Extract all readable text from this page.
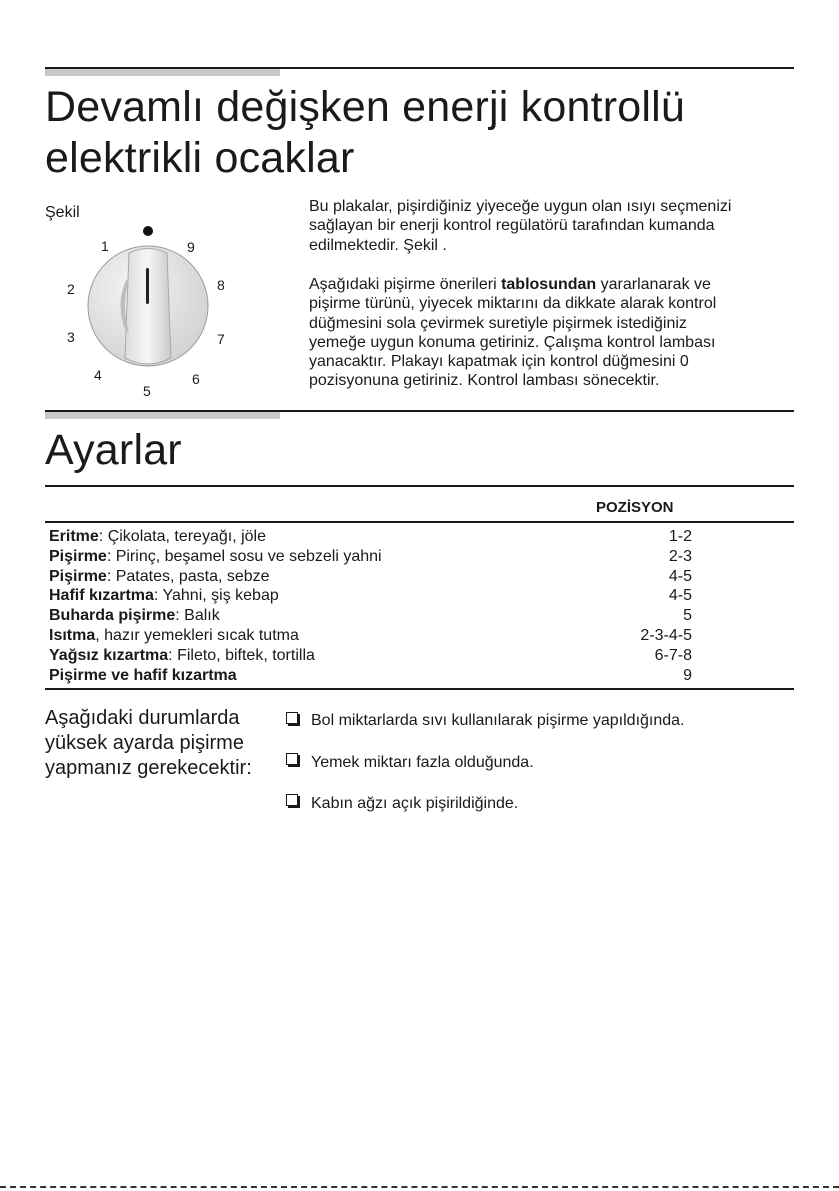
Devamlı değişken enerji kontrollü
elektrikli ocaklar
Şekil
1	9
2	8
3	7
4	6
5
Bu plakalar, pişirdiğiniz yiyeceğe uygun olan ısıyı seçmenizi
sağlayan bir enerji kontrol regülatörü tarafından kumanda
edilmektedir. Şekil .
Aşağıdaki pişirme önerileri tablosundan yararlanarak ve
pişirme türünü, yiyecek miktarını da dikkate alarak kontrol
düğmesini sola çevirmek suretiyle pişirmek istediğiniz
yemeğe uygun konuma getiriniz. Çalışma kontrol lambası
yanacaktır. Plakayı kapatmak için kontrol düğmesini 0
pozisyonuna getiriniz. Kontrol lambası sönecektir.
Ayarlar
POZİSYON
Eritme: Çikolata, tereyağı, jöle	1-2
Pişirme: Pirinç, beşamel sosu ve sebzeli yahni	2-3
Pişirme: Patates, pasta, sebze	4-5
Hafif kızartma: Yahni, şiş kebap	4-5
Buharda pişirme: Balık	5
Isıtma, hazır yemekleri sıcak tutma	2-3-4-5
Yağsız kızartma: Fileto, biftek, tortilla	6-7-8
Pişirme ve hafif kızartma	9
Aşağıdaki durumlarda
yüksek ayarda pişirme
yapmanız gerekecektir:
Bol miktarlarda sıvı kullanılarak pişirme yapıldığında.
Yemek miktarı fazla olduğunda.
Kabın ağzı açık pişirildiğinde.
